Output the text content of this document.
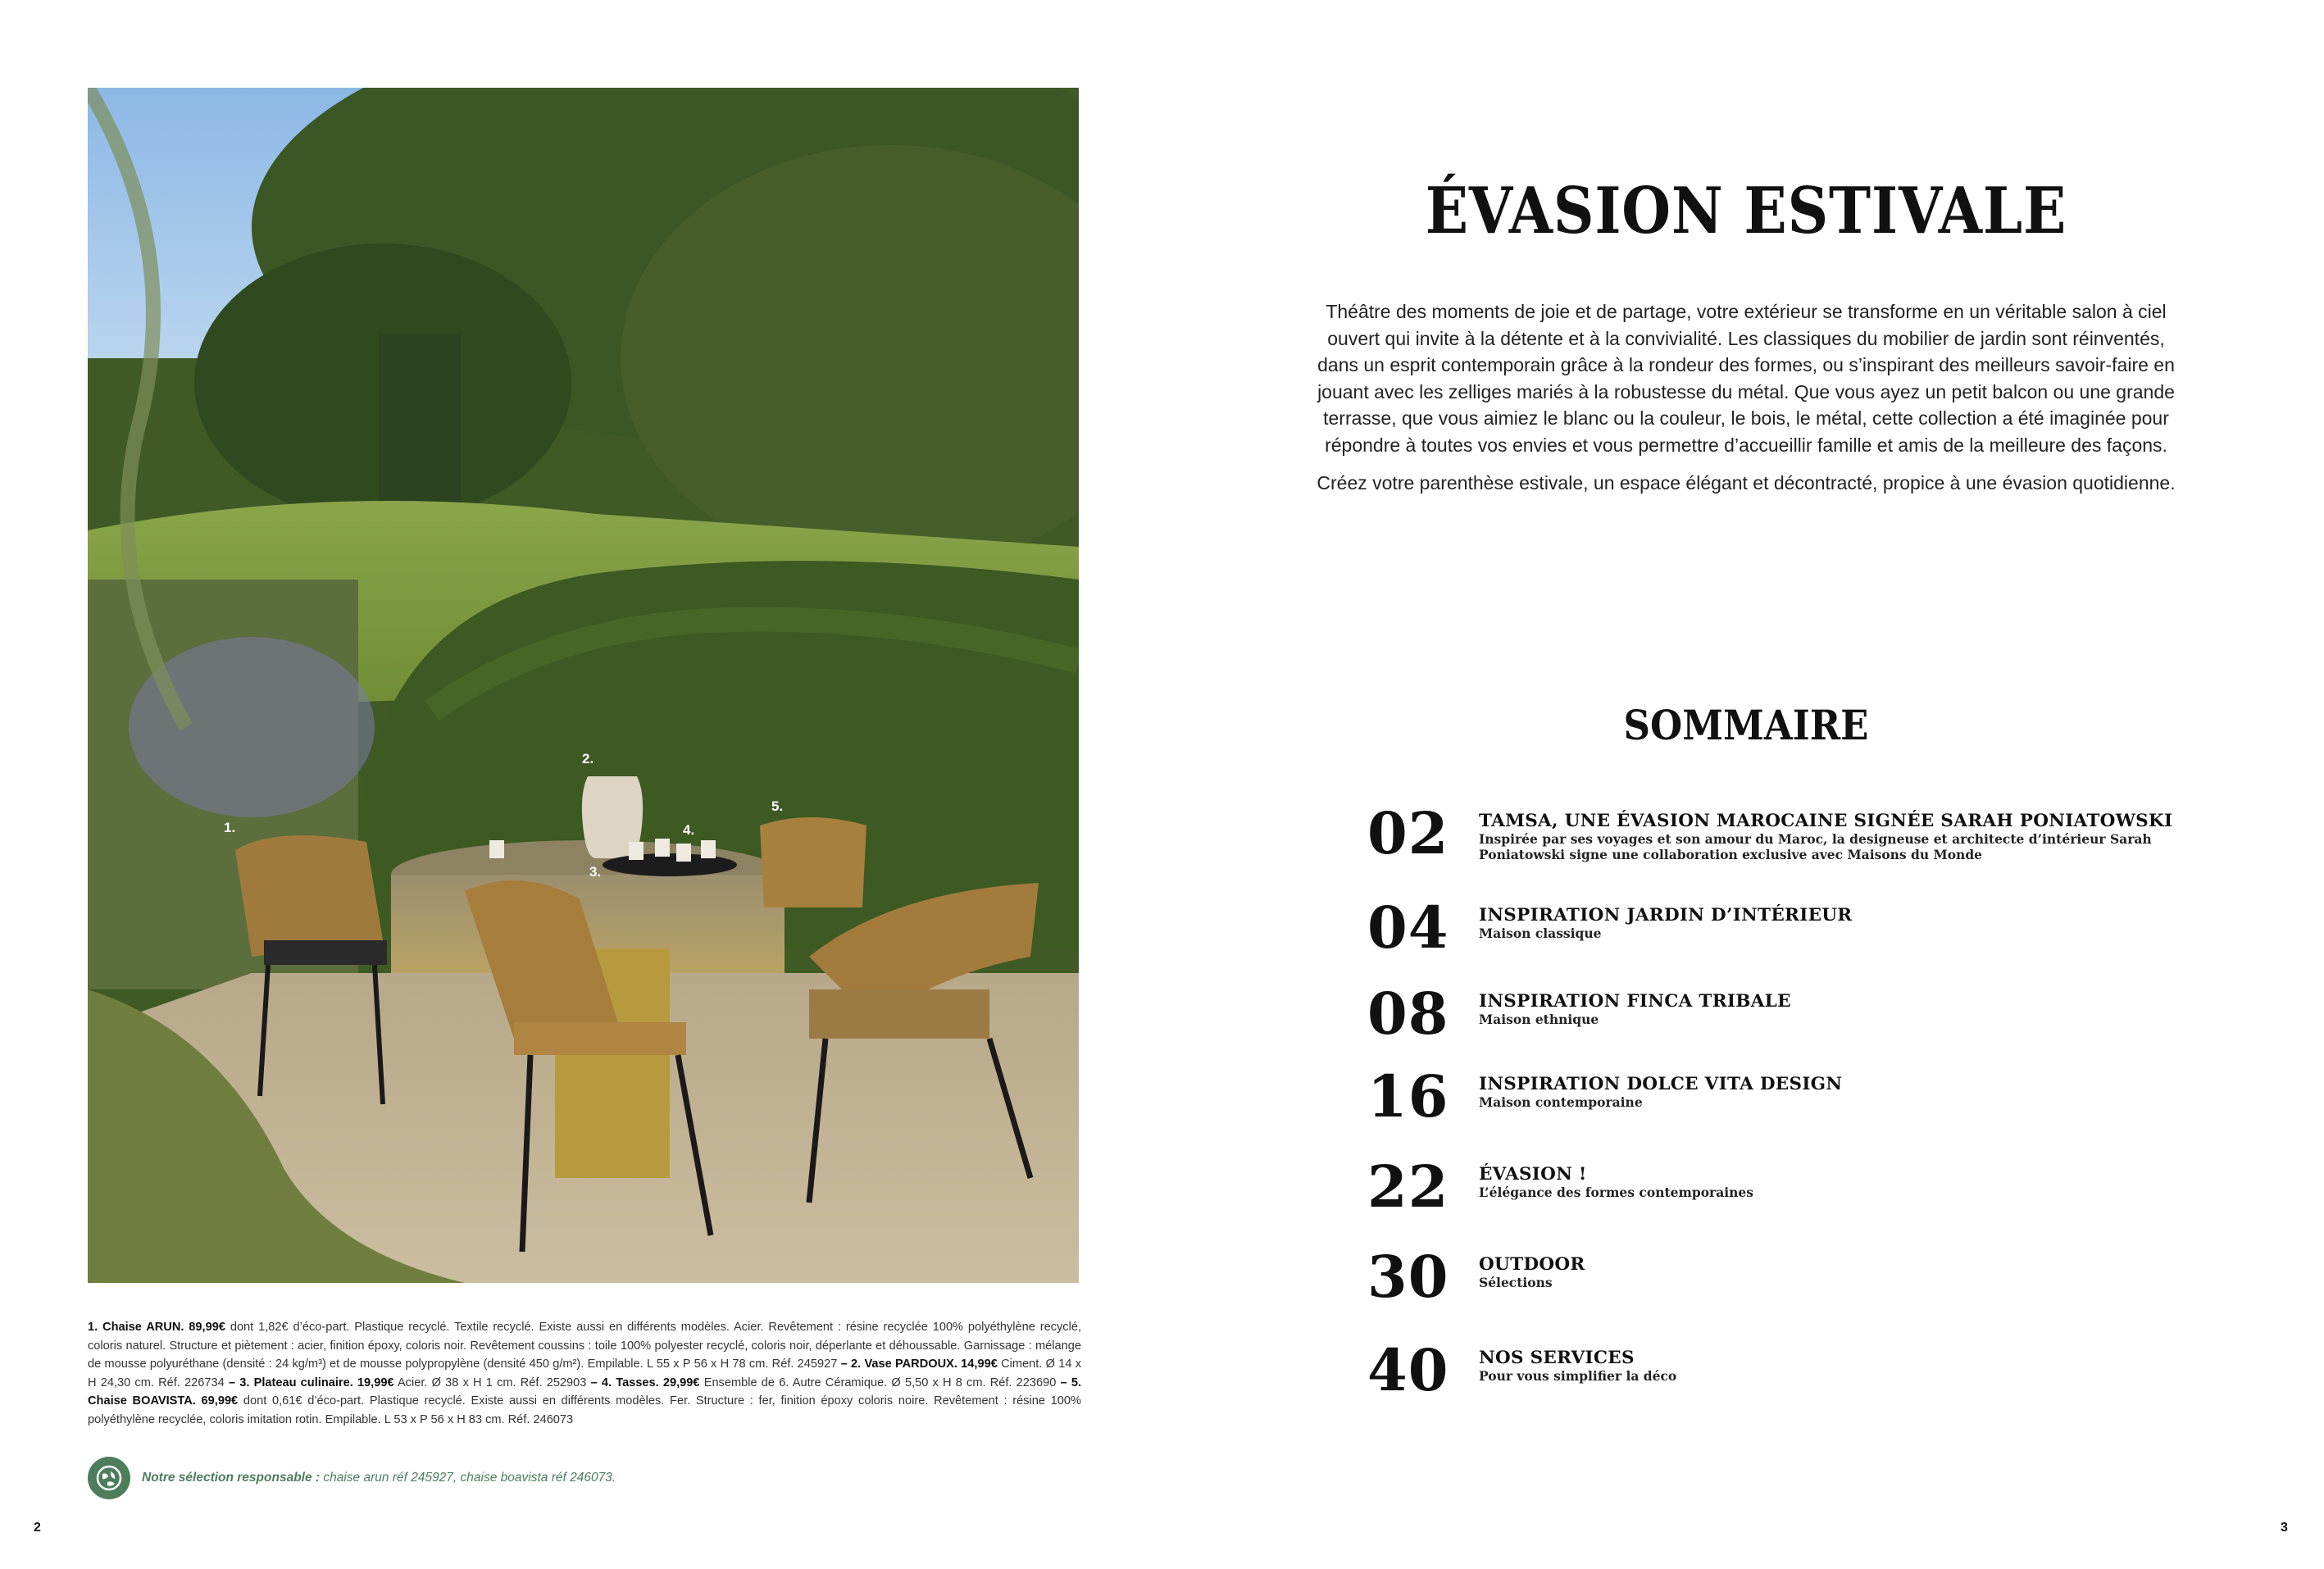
1.
2.
3.
4.
5.
1. Chaise ARUN. 89,99€ dont 1,82€ d’éco-part. Plastique recyclé. Textile recyclé. Existe aussi en différents modèles. Acier. Revêtement : résine recyclée 100% polyéthylène recyclé, coloris naturel. Structure et piètement : acier, finition époxy, coloris noir. Revêtement coussins : toile 100% polyester recyclé, coloris noir, déperlante et déhoussable. Garnissage : mélange de mousse polyuréthane (densité : 24 kg/m³) et de mousse polypropylène (densité 450 g/m²). Empilable. L 55 x P 56 x H 78 cm. Réf. 245927 – 2. Vase PARDOUX. 14,99€ Ciment. Ø 14 x H 24,30 cm. Réf. 226734 – 3. Plateau culinaire. 19,99€ Acier. Ø 38 x H 1 cm. Réf. 252903 – 4. Tasses. 29,99€ Ensemble de 6. Autre Céramique. Ø 5,50 x H 8 cm. Réf. 223690 – 5. Chaise BOAVISTA. 69,99€ dont 0,61€ d’éco-part. Plastique recyclé. Existe aussi en différents modèles. Fer. Structure : fer, finition époxy coloris noire. Revêtement : résine 100% polyéthylène recyclée, coloris imitation rotin. Empilable. L 53 x P 56 x H 83 cm. Réf. 246073
Notre sélection responsable : chaise arun réf 245927, chaise boavista réf 246073.
2
ÉVASION ESTIVALE

Théâtre des moments de joie et de partage, votre extérieur se transforme en un véritable salon à ciel ouvert qui invite à la détente et à la convivialité. Les classiques du mobilier de jardin sont réinventés, dans un esprit contemporain grâce à la rondeur des formes, ou s’inspirant des meilleurs savoir-faire en jouant avec les zelliges mariés à la robustesse du métal. Que vous ayez un petit balcon ou une grande terrasse, que vous aimiez le blanc ou la couleur, le bois, le métal, cette collection a été imaginée pour répondre à toutes vos envies et vous permettre d’accueillir famille et amis de la meilleure des façons.

Créez votre parenthèse estivale, un espace élégant et décontracté, propice à une évasion quotidienne.

SOMMAIRE
02 TAMSA, UNE ÉVASION MAROCAINE SIGNÉE SARAH PONIATOWSKI
Inspirée par ses voyages et son amour du Maroc, la designeuse et architecte d’intérieur Sarah Poniatowski signe une collaboration exclusive avec Maisons du Monde
04 INSPIRATION JARDIN D’INTÉRIEUR
Maison classique
08 INSPIRATION FINCA TRIBALE
Maison ethnique
16 INSPIRATION DOLCE VITA DESIGN
Maison contemporaine
22 ÉVASION !
L’élégance des formes contemporaines
30 OUTDOOR
Sélections
40 NOS SERVICES
Pour vous simplifier la déco
3
